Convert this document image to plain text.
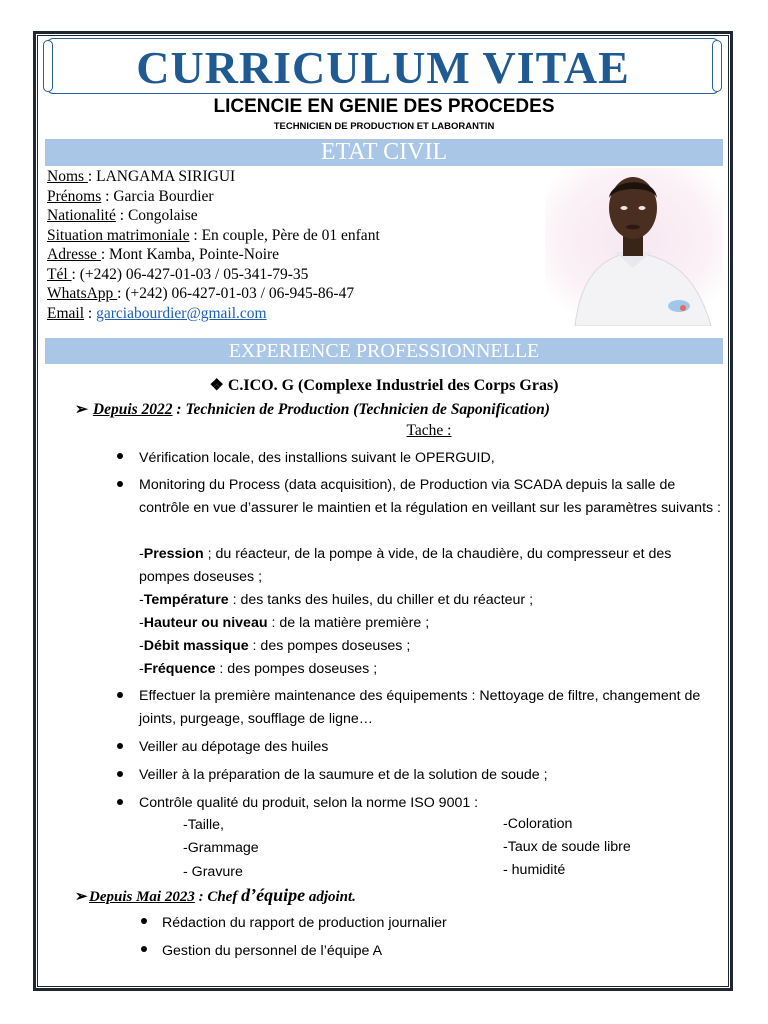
CURRICULUM VITAE
LICENCIE EN GENIE DES PROCEDES
TECHNICIEN DE PRODUCTION ET LABORANTIN
ETAT CIVIL
Noms : LANGAMA SIRIGUI
Prénoms : Garcia Bourdier
Nationalité : Congolaise
Situation matrimoniale : En couple, Père de 01 enfant
Adresse : Mont Kamba, Pointe-Noire
Tél : (+242) 06-427-01-03 / 05-341-79-35
WhatsApp : (+242) 06-427-01-03 / 06-945-86-47
Email : garciabourdier@gmail.com
EXPERIENCE PROFESSIONNELLE
❖ C.ICO. G (Complexe Industriel des Corps Gras)
➢ Depuis 2022 : Technicien de Production (Technicien de Saponification)
Tache :
Vérification locale, des installions suivant le OPERGUID,
Monitoring du Process (data acquisition), de Production via SCADA depuis la salle de contrôle en vue d’assurer le maintien et la régulation en veillant sur les paramètres suivants :
-Pression ; du réacteur, de la pompe à vide, de la chaudière, du compresseur et des pompes doseuses ;
-Température : des tanks des huiles, du chiller et du réacteur ;
-Hauteur ou niveau : de la matière première ;
-Débit massique : des pompes doseuses ;
-Fréquence : des pompes doseuses ;
Effectuer la première maintenance des équipements : Nettoyage de filtre, changement de joints, purgeage, soufflage de ligne…
Veiller au dépotage des huiles
Veiller à la préparation de la saumure et de la solution de soude ;
Contrôle qualité du produit, selon la norme ISO 9001 :
-Taille,
-Grammage
- Gravure
-Coloration
-Taux de soude libre
- humidité
➢Depuis Mai 2023 : Chef d’équipe adjoint.
Rédaction du rapport de production journalier
Gestion du personnel de l’équipe A
